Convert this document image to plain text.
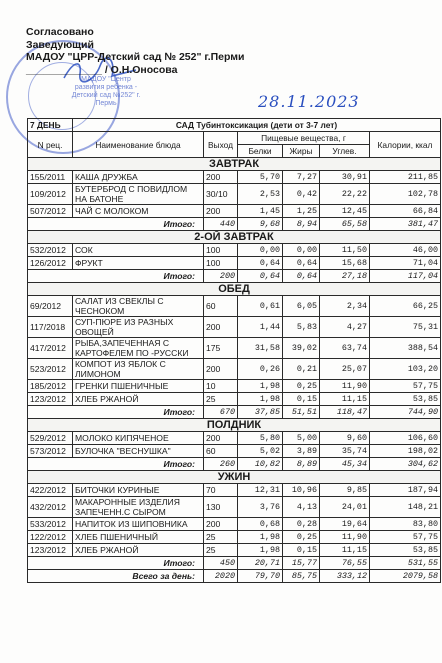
МАДОУ "Центр развития ребенка - Детский сад №252" г. Пермь
Согласовано
Заведующий
МАДОУ "ЦРР-Детский сад № 252" г.Перми
_____________ / О.Н.Оносова
28.11.2023
7 ДЕНЬ	САД Тубинтоксикация (дети от 3-7 лет)					
N рец.	Наименование блюда	Выход	Пищевые вещества, г			Калории, ккал
			Белки	Жиры	Углев.	
ЗАВТРАК						
155/2011	КАША ДРУЖБА	200	5,70	7,27	30,91	211,85
109/2012	БУТЕРБРОД С ПОВИДЛОМ НА БАТОНЕ	30/10	2,53	0,42	22,22	102,78
507/2012	ЧАЙ С МОЛОКОМ	200	1,45	1,25	12,45	66,84
Итого:		440	9,68	8,94	65,58	381,47
2-ОЙ ЗАВТРАК						
532/2012	СОК	100	0,00	0,00	11,50	46,00
126/2012	ФРУКТ	100	0,64	0,64	15,68	71,04
Итого:		200	0,64	0,64	27,18	117,04
ОБЕД						
69/2012	САЛАТ ИЗ СВЕКЛЫ С ЧЕСНОКОМ	60	0,61	6,05	2,34	66,25
117/2018	СУП-ПЮРЕ ИЗ РАЗНЫХ ОВОЩЕЙ	200	1,44	5,83	4,27	75,31
417/2012	РЫБА,ЗАПЕЧЕННАЯ С КАРТОФЕЛЕМ ПО -РУССКИ	175	31,58	39,02	63,74	388,54
523/2012	КОМПОТ ИЗ ЯБЛОК С ЛИМОНОМ	200	0,26	0,21	25,07	103,20
185/2012	ГРЕНКИ ПШЕНИЧНЫЕ	10	1,98	0,25	11,90	57,75
123/2012	ХЛЕБ РЖАНОЙ	25	1,98	0,15	11,15	53,85
Итого:		670	37,85	51,51	118,47	744,90
ПОЛДНИК						
529/2012	МОЛОКО КИПЯЧЕНОЕ	200	5,80	5,00	9,60	106,60
573/2012	БУЛОЧКА "ВЕСНУШКА"	60	5,02	3,89	35,74	198,02
Итого:		260	10,82	8,89	45,34	304,62
УЖИН						
422/2012	БИТОЧКИ КУРИНЫЕ	70	12,31	10,96	9,85	187,94
432/2012	МАКАРОННЫЕ ИЗДЕЛИЯ ЗАПЕЧЕНН.С СЫРОМ	130	3,76	4,13	24,01	148,21
533/2012	НАПИТОК ИЗ ШИПОВНИКА	200	0,68	0,28	19,64	83,80
122/2012	ХЛЕБ ПШЕНИЧНЫЙ	25	1,98	0,25	11,90	57,75
123/2012	ХЛЕБ РЖАНОЙ	25	1,98	0,15	11,15	53,85
Итого:		450	20,71	15,77	76,55	531,55
Всего за день:		2020	79,70	85,75	333,12	2079,58
